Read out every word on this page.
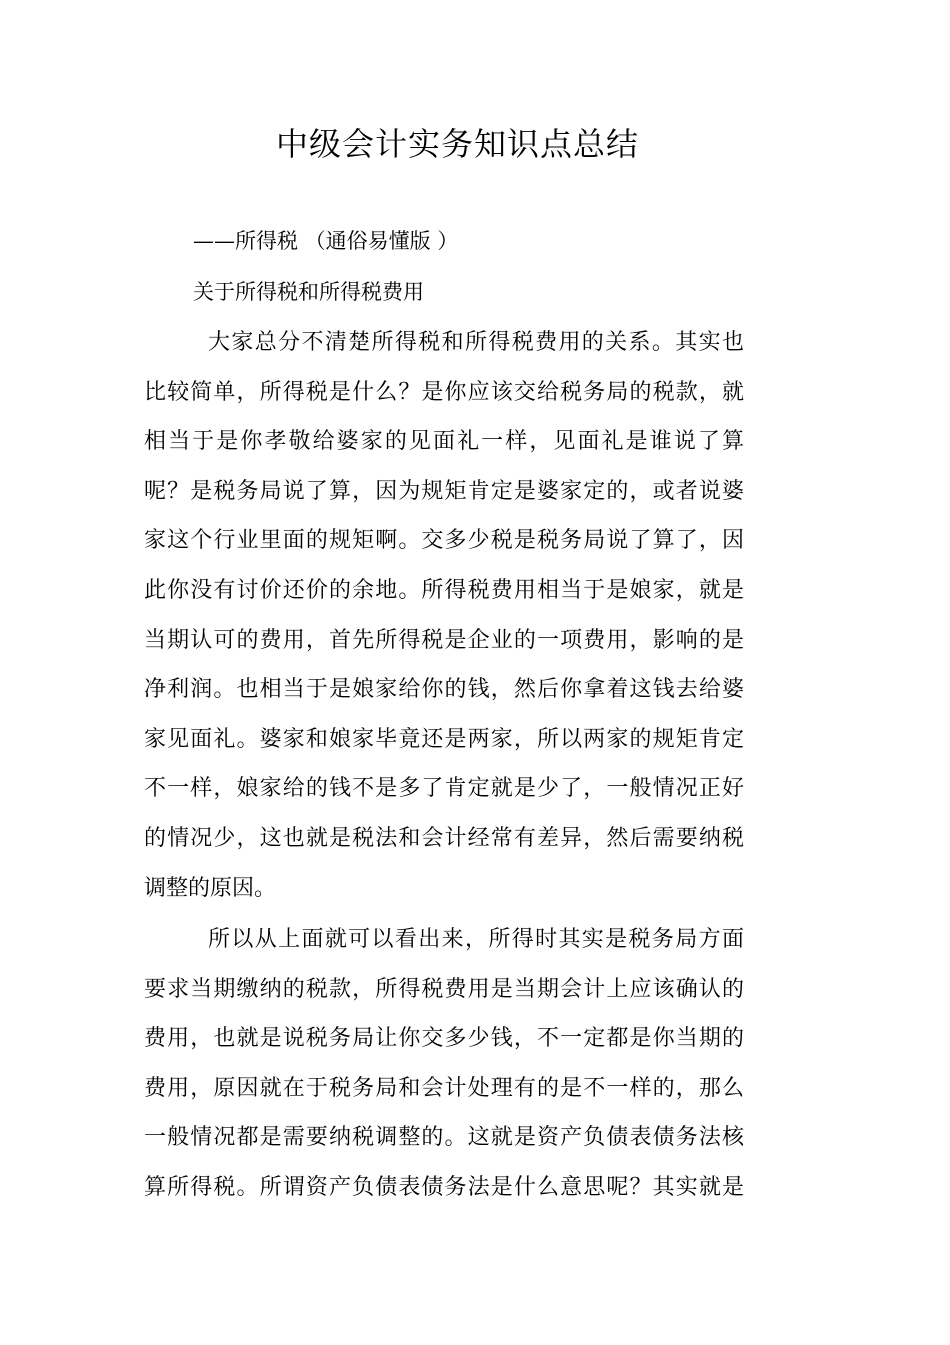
中级会计实务知识点总结
——所得税 （通俗易懂版 ）
关于所得税和所得税费用
大家总分不清楚所得税和所得税费用的关系。其实也
比较简单，所得税是什么？是你应该交给税务局的税款，就
相当于是你孝敬给婆家的见面礼一样，见面礼是谁说了算
呢？是税务局说了算，因为规矩肯定是婆家定的，或者说婆
家这个行业里面的规矩啊。交多少税是税务局说了算了，因
此你没有讨价还价的余地。所得税费用相当于是娘家，就是
当期认可的费用，首先所得税是企业的一项费用，影响的是
净利润。也相当于是娘家给你的钱，然后你拿着这钱去给婆
家见面礼。婆家和娘家毕竟还是两家，所以两家的规矩肯定
不一样，娘家给的钱不是多了肯定就是少了，一般情况正好
的情况少，这也就是税法和会计经常有差异，然后需要纳税
调整的原因。
所以从上面就可以看出来，所得时其实是税务局方面
要求当期缴纳的税款，所得税费用是当期会计上应该确认的
费用，也就是说税务局让你交多少钱，不一定都是你当期的
费用，原因就在于税务局和会计处理有的是不一样的，那么
一般情况都是需要纳税调整的。这就是资产负债表债务法核
算所得税。所谓资产负债表债务法是什么意思呢？其实就是
